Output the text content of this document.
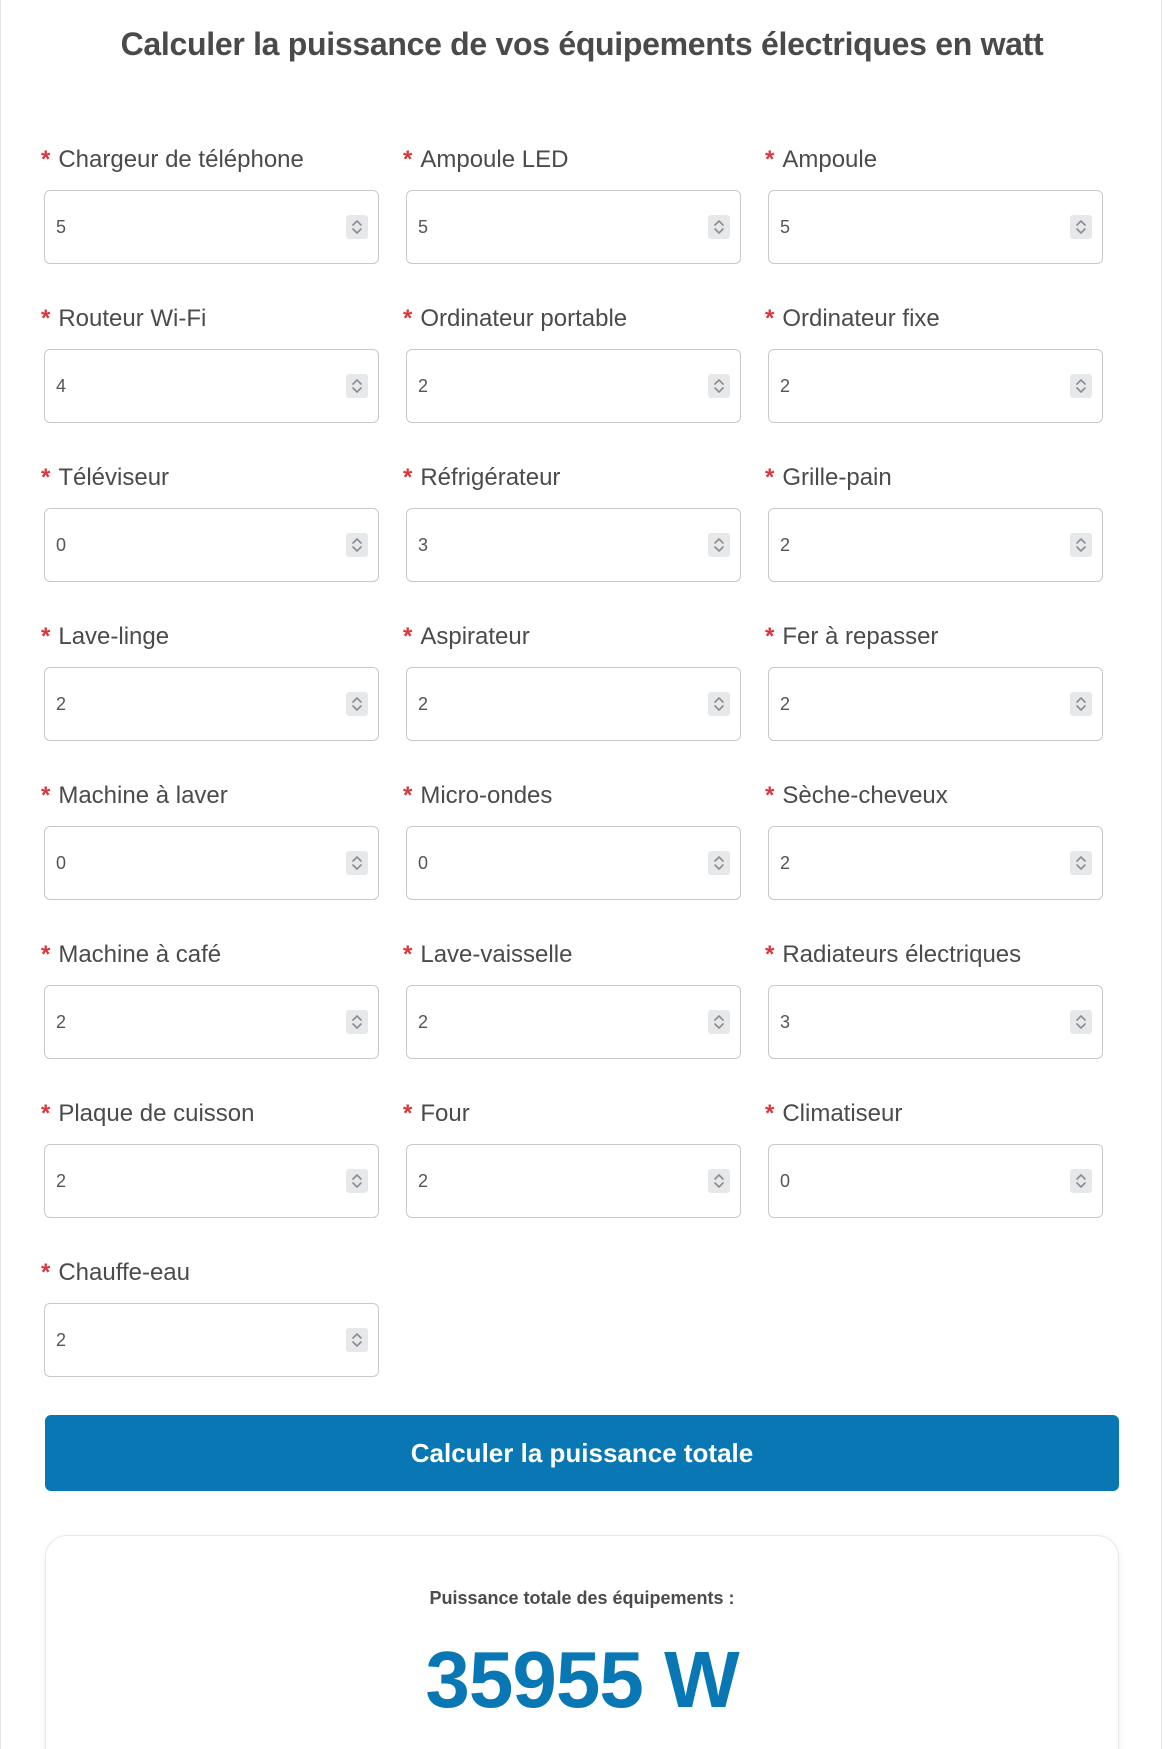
Calculer la puissance de vos équipements électriques en watt
* Chargeur de téléphone
5	* Ampoule LED
5	* Ampoule
5
* Routeur Wi-Fi
4	* Ordinateur portable
2	* Ordinateur fixe
2
* Téléviseur
0	* Réfrigérateur
3	* Grille-pain
2
* Lave-linge
2	* Aspirateur
2	* Fer à repasser
2
* Machine à laver
0	* Micro-ondes
0	* Sèche-cheveux
2
* Machine à café
2	* Lave-vaisselle
2	* Radiateurs électriques
3
* Plaque de cuisson
2	* Four
2	* Climatiseur
0
* Chauffe-eau
2
Calculer la puissance totale
Puissance totale des équipements :
35955 W
